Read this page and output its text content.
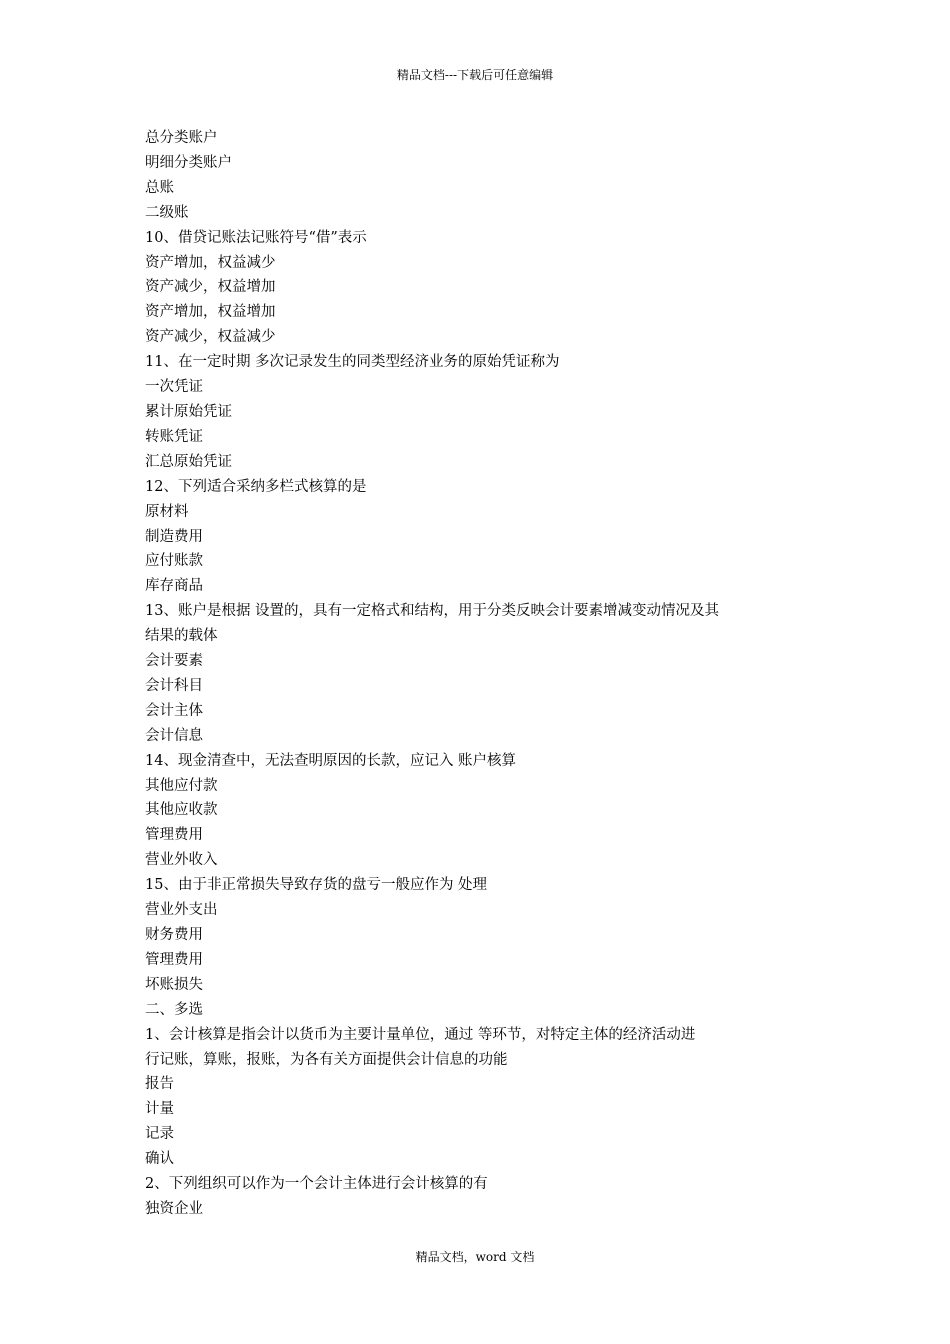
精品文档---下载后可任意编辑
总分类账户
明细分类账户
总账
二级账
10、借贷记账法记账符号“借”表示
资产增加，权益减少
资产减少，权益增加
资产增加，权益增加
资产减少，权益减少
11、在一定时期 多次记录发生的同类型经济业务的原始凭证称为
一次凭证
累计原始凭证
转账凭证
汇总原始凭证
12、下列适合采纳多栏式核算的是
原材料
制造费用
应付账款
库存商品
13、账户是根据 设置的，具有一定格式和结构，用于分类反映会计要素增减变动情况及其
结果的载体
会计要素
会计科目
会计主体
会计信息
14、现金清查中，无法查明原因的长款，应记入 账户核算
其他应付款
其他应收款
管理费用
营业外收入
15、由于非正常损失导致存货的盘亏一般应作为 处理
营业外支出
财务费用
管理费用
坏账损失
二、多选
1、会计核算是指会计以货币为主要计量单位，通过 等环节，对特定主体的经济活动进
行记账，算账，报账，为各有关方面提供会计信息的功能
报告
计量
记录
确认
2、下列组织可以作为一个会计主体进行会计核算的有
独资企业
精品文档，word 文档
